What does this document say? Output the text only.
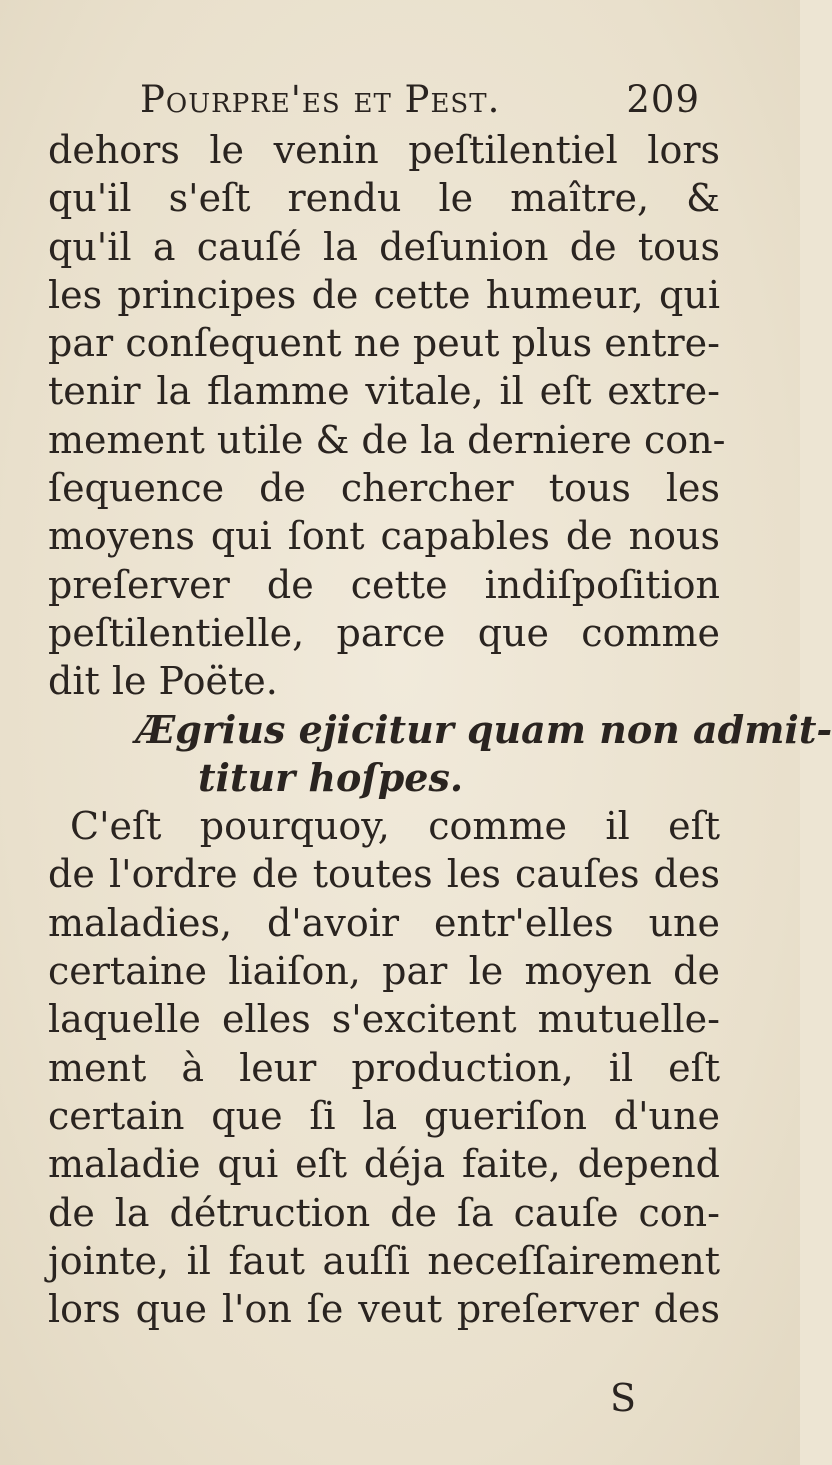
Pourpre'es et Pest.	209
dehors le venin peſtilentiel lors
qu'il s'eſt rendu le maître, &
qu'il a cauſé la deſunion de tous
les principes de cette humeur, qui
par conſequent ne peut plus entre-
tenir la flamme vitale, il eſt extre-
mement utile & de la derniere con-
ſequence de chercher tous les
moyens qui ſont capables de nous
preſerver de cette indiſpoſition
peſtilentielle, parce que comme
dit le Poëte.
Ægrius ejicitur quam non admit-
titur hoſpes.
C'eſt pourquoy, comme il eſt
de l'ordre de toutes les cauſes des
maladies, d'avoir entr'elles une
certaine liaiſon, par le moyen de
laquelle elles s'excitent mutuelle-
ment à leur production, il eſt
certain que ſi la gueriſon d'une
maladie qui eſt déja faite, depend
de la détruction de ſa cauſe con-
jointe, il faut auſſi neceſſairement
lors que l'on ſe veut preſerver des
S
